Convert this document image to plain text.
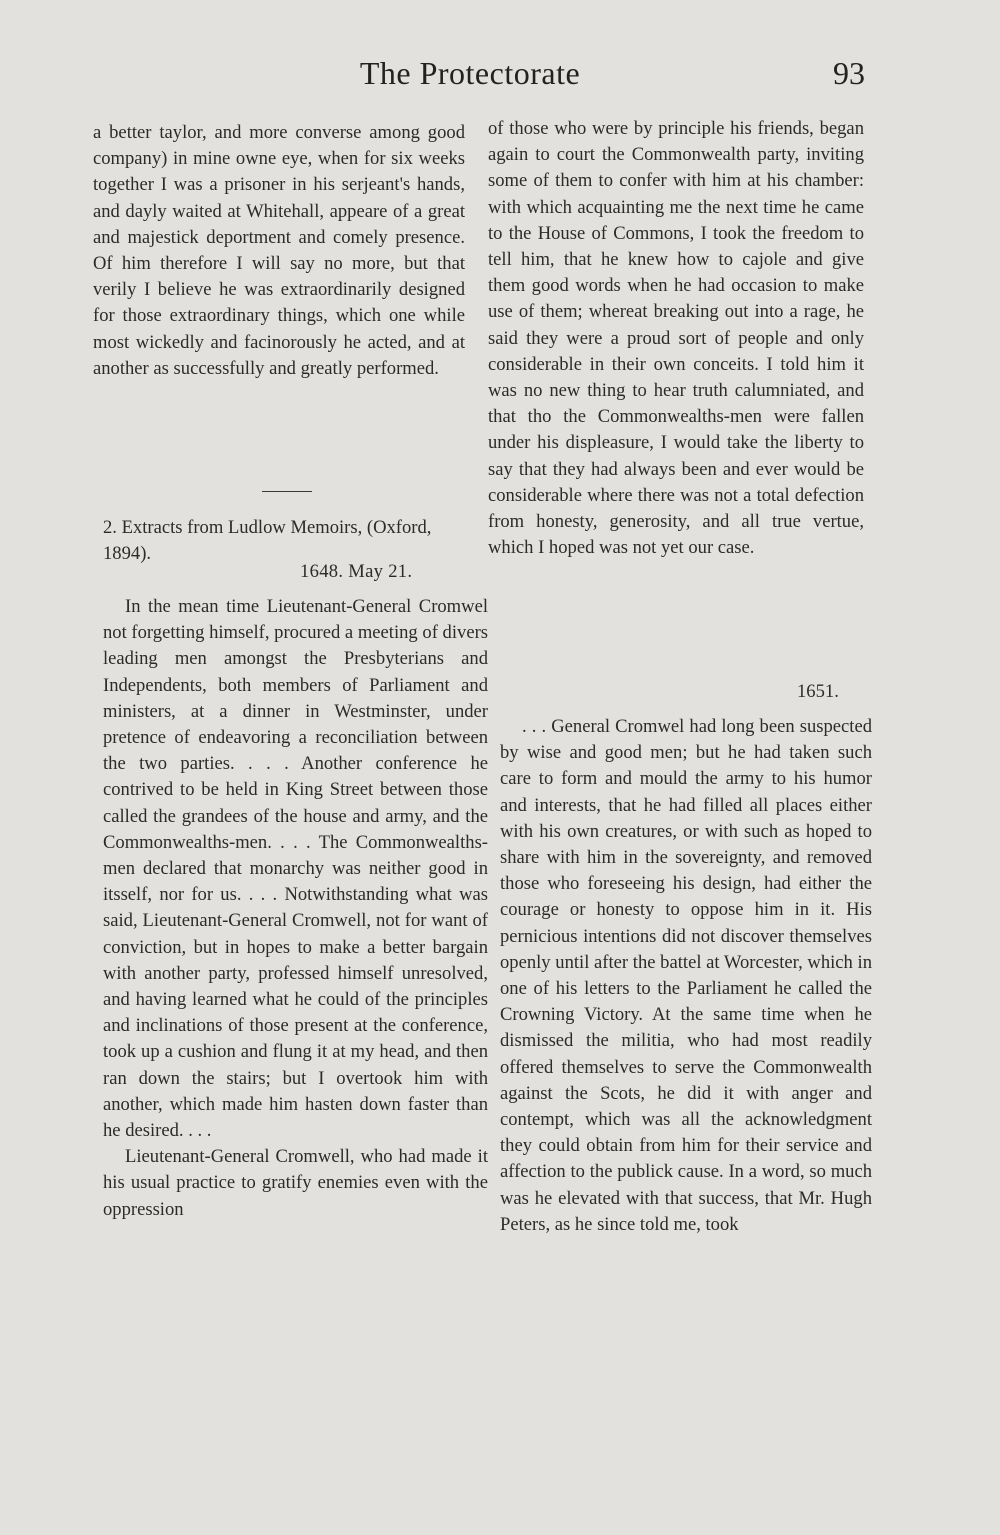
The Protectorate	93

a better taylor, and more converse among good company) in mine owne eye, when for six weeks together I was a prisoner in his serjeant's hands, and dayly waited at Whitehall, appeare of a great and majestick deportment and comely presence. Of him therefore I will say no more, but that verily I believe he was extraordinarily designed for those extraordinary things, which one while most wickedly and facinorously he acted, and at another as successfully and greatly performed.

2. Extracts from Ludlow Memoirs, (Oxford, 1894).
1648. May 21.

In the mean time Lieutenant-General Cromwel not forgetting himself, procured a meeting of divers leading men amongst the Presbyterians and Independents, both members of Parliament and ministers, at a dinner in Westminster, under pretence of endeavoring a reconciliation between the two parties. . . . Another conference he contrived to be held in King Street between those called the grandees of the house and army, and the Commonwealths-men. . . . The Commonwealths-men declared that monarchy was neither good in itsself, nor for us. . . . Notwithstanding what was said, Lieutenant-General Cromwell, not for want of conviction, but in hopes to make a better bargain with another party, professed himself unresolved, and having learned what he could of the principles and inclinations of those present at the conference, took up a cushion and flung it at my head, and then ran down the stairs; but I overtook him with another, which made him hasten down faster than he desired. . . .

Lieutenant-General Cromwell, who had made it his usual practice to gratify enemies even with the oppression

of those who were by principle his friends, began again to court the Commonwealth party, inviting some of them to confer with him at his chamber: with which acquainting me the next time he came to the House of Commons, I took the freedom to tell him, that he knew how to cajole and give them good words when he had occasion to make use of them; whereat breaking out into a rage, he said they were a proud sort of people and only considerable in their own conceits. I told him it was no new thing to hear truth calumniated, and that tho the Commonwealths-men were fallen under his displeasure, I would take the liberty to say that they had always been and ever would be considerable where there was not a total defection from honesty, generosity, and all true vertue, which I hoped was not yet our case.

1651.

. . . General Cromwel had long been suspected by wise and good men; but he had taken such care to form and mould the army to his humor and interests, that he had filled all places either with his own creatures, or with such as hoped to share with him in the sovereignty, and removed those who foreseeing his design, had either the courage or honesty to oppose him in it. His pernicious intentions did not discover themselves openly until after the battel at Worcester, which in one of his letters to the Parliament he called the Crowning Victory. At the same time when he dismissed the militia, who had most readily offered themselves to serve the Commonwealth against the Scots, he did it with anger and contempt, which was all the acknowledgment they could obtain from him for their service and affection to the publick cause. In a word, so much was he elevated with that success, that Mr. Hugh Peters, as he since told me, took
